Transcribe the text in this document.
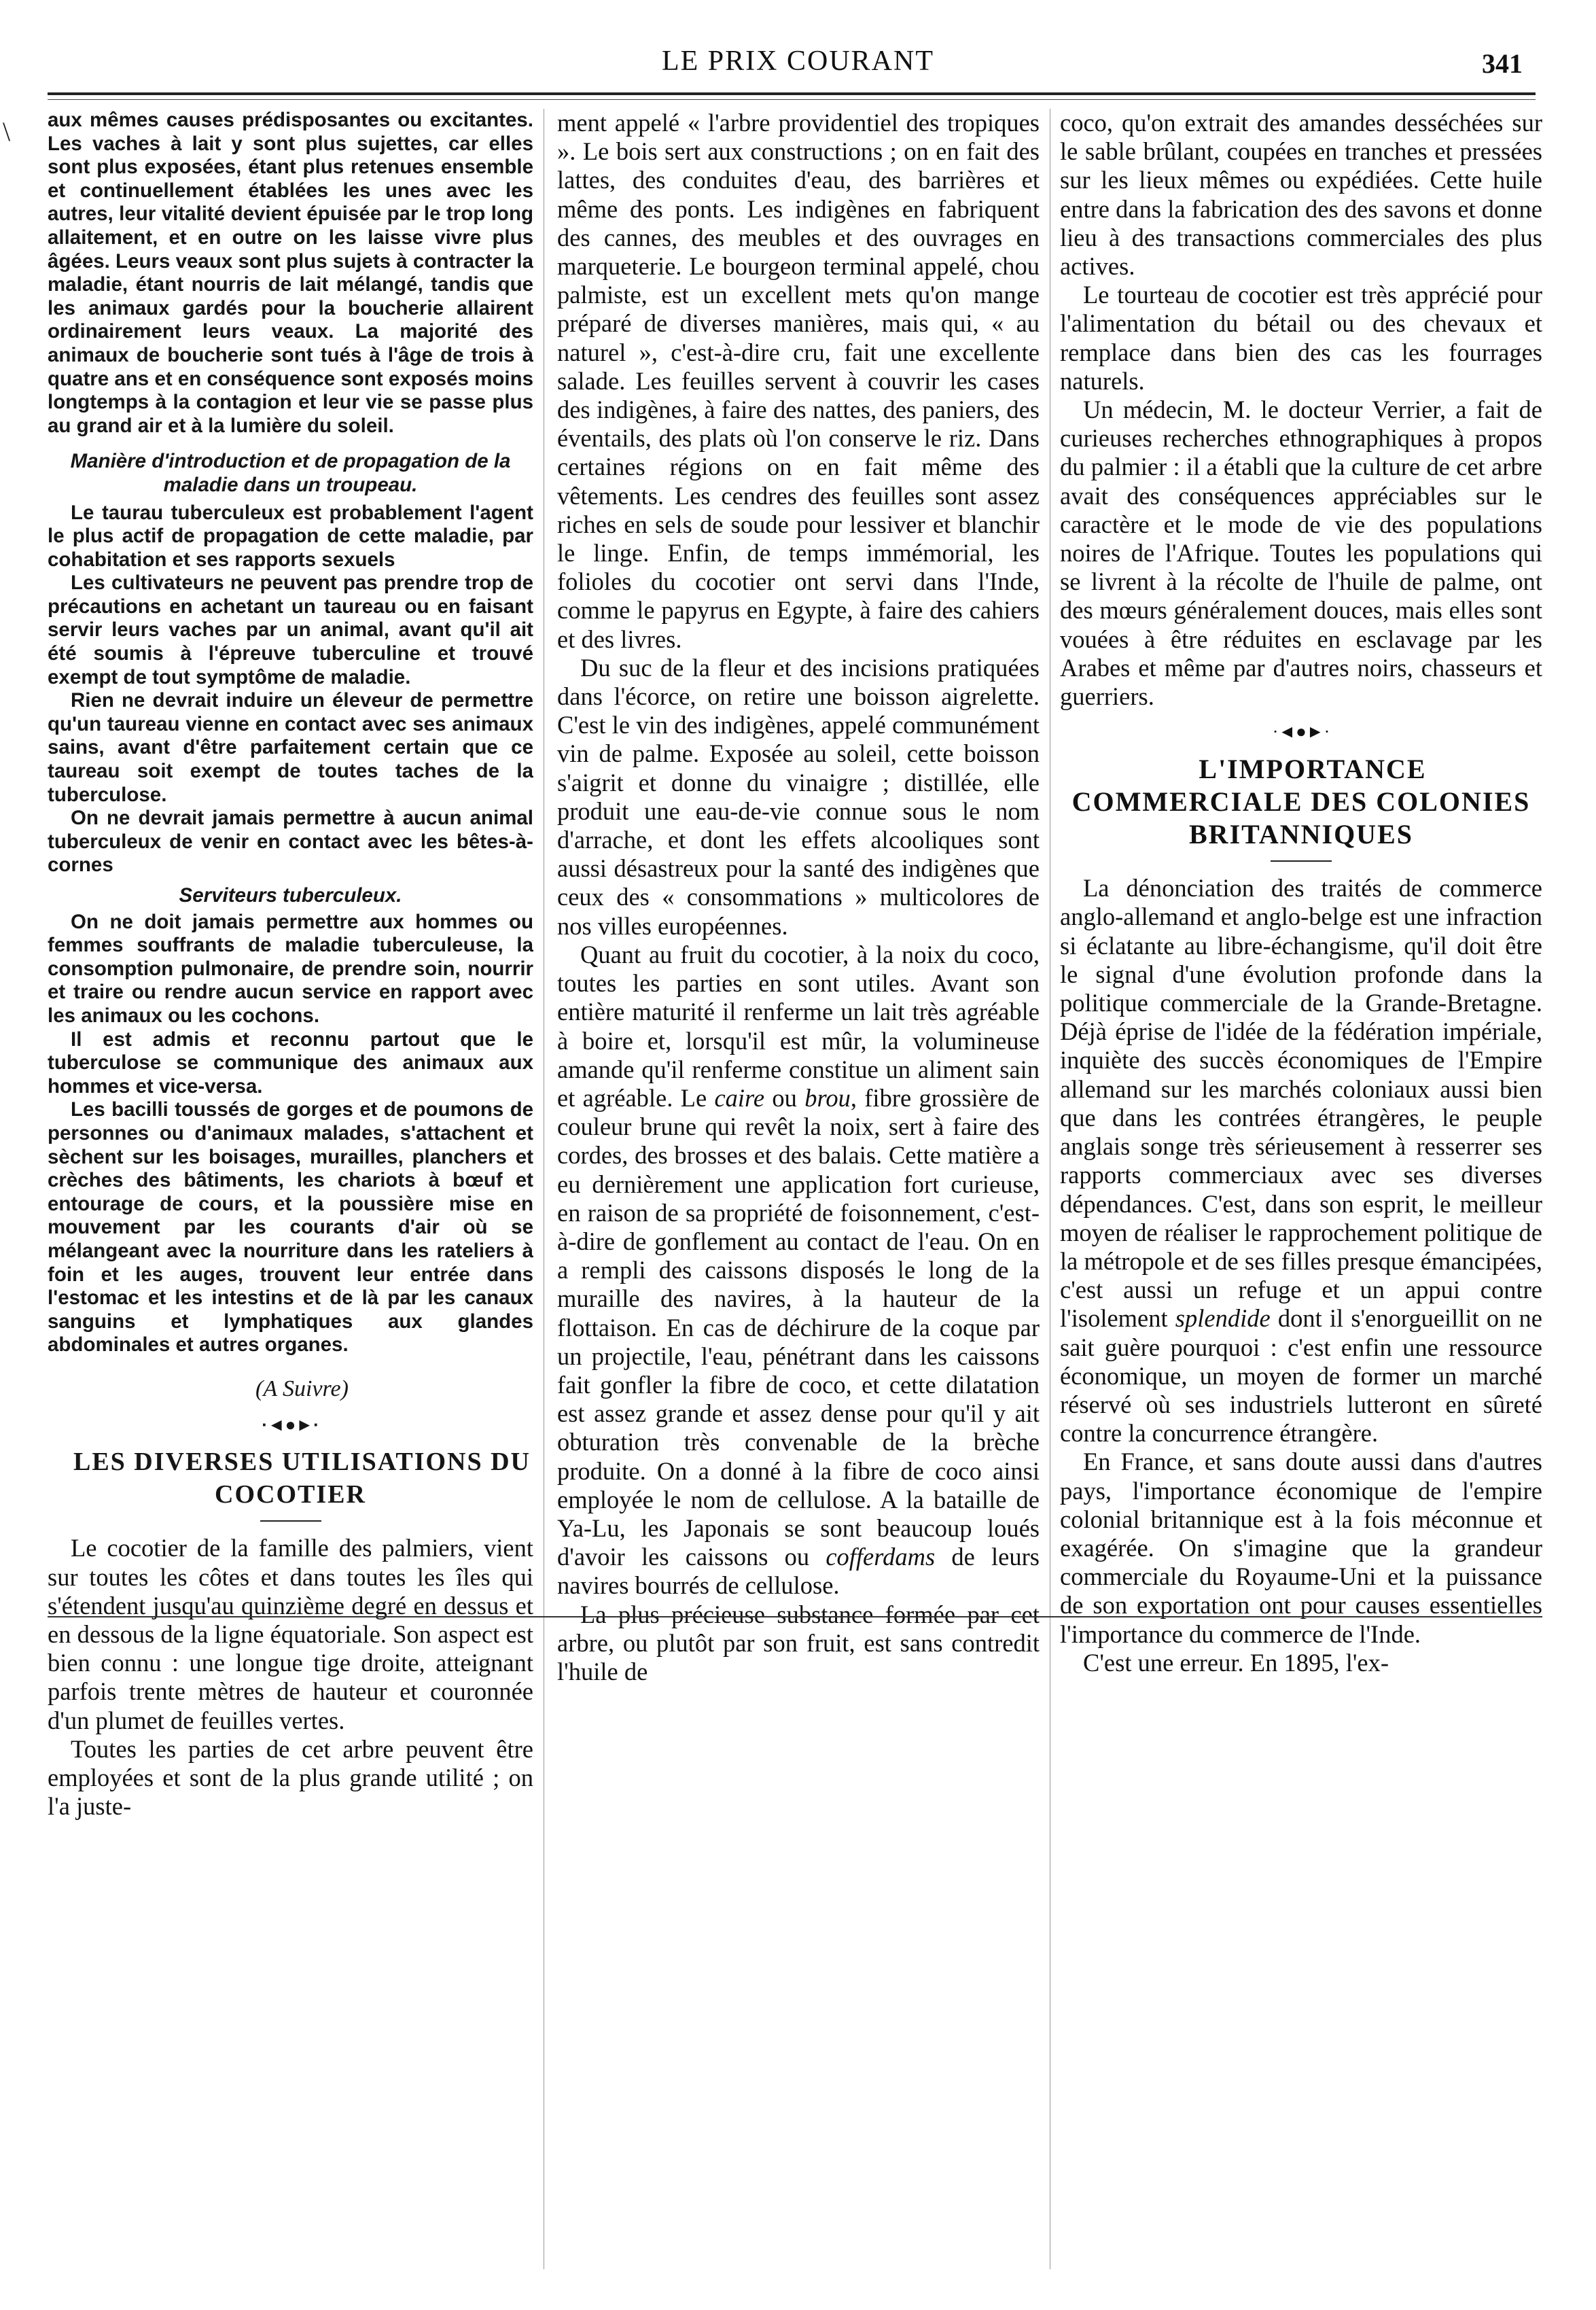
LE PRIX COURANT	341

aux mêmes causes prédisposantes ou excitantes. Les vaches à lait y sont plus sujettes, car elles sont plus exposées, étant plus retenues ensemble et continuellement établées les unes avec les autres, leur vitalité devient épuisée par le trop long allaitement, et en outre on les laisse vivre plus âgées. Leurs veaux sont plus sujets à contracter la maladie, étant nourris de lait mélangé, tandis que les animaux gardés pour la boucherie allairent ordinairement leurs veaux. La majorité des animaux de boucherie sont tués à l'âge de trois à quatre ans et en conséquence sont exposés moins longtemps à la contagion et leur vie se passe plus au grand air et à la lumière du soleil.

Manière d'introduction et de propagation de la maladie dans un troupeau.

Le taurau tuberculeux est probablement l'agent le plus actif de propagation de cette maladie, par cohabitation et ses rapports sexuels

Les cultivateurs ne peuvent pas prendre trop de précautions en achetant un taureau ou en faisant servir leurs vaches par un animal, avant qu'il ait été soumis à l'épreuve tuberculine et trouvé exempt de tout symptôme de maladie.

Rien ne devrait induire un éleveur de permettre qu'un taureau vienne en contact avec ses animaux sains, avant d'être parfaitement certain que ce taureau soit exempt de toutes taches de la tuberculose.

On ne devrait jamais permettre à aucun animal tuberculeux de venir en contact avec les bêtes-à-cornes

Serviteurs tuberculeux.

On ne doit jamais permettre aux hommes ou femmes souffrants de maladie tuberculeuse, la consomption pulmonaire, de prendre soin, nourrir et traire ou rendre aucun service en rapport avec les animaux ou les cochons.

Il est admis et reconnu partout que le tuberculose se communique des animaux aux hommes et vice-versa.

Les bacilli toussés de gorges et de poumons de personnes ou d'animaux malades, s'attachent et sèchent sur les boisages, murailles, planchers et crèches des bâtiments, les chariots à bœuf et entourage de cours, et la poussière mise en mouvement par les courants d'air où se mélangeant avec la nourriture dans les rateliers à foin et les auges, trouvent leur entrée dans l'estomac et les intestins et de là par les canaux sanguins et lymphatiques aux glandes abdominales et autres organes.

(A Suivre)

·◄●►·

LES DIVERSES UTILISATIONS DU COCOTIER

Le cocotier de la famille des palmiers, vient sur toutes les côtes et dans toutes les îles qui s'étendent jusqu'au quinzième degré en dessus et en dessous de la ligne équatoriale. Son aspect est bien connu : une longue tige droite, atteignant parfois trente mètres de hauteur et couronnée d'un plumet de feuilles vertes.

Toutes les parties de cet arbre peuvent être employées et sont de la plus grande utilité ; on l'a juste-

ment appelé « l'arbre providentiel des tropiques ». Le bois sert aux constructions ; on en fait des lattes, des conduites d'eau, des barrières et même des ponts. Les indigènes en fabriquent des cannes, des meubles et des ouvrages en marqueterie. Le bourgeon terminal appelé, chou palmiste, est un excellent mets qu'on mange préparé de diverses manières, mais qui, « au naturel », c'est-à-dire cru, fait une excellente salade. Les feuilles servent à couvrir les cases des indigènes, à faire des nattes, des paniers, des éventails, des plats où l'on conserve le riz. Dans certaines régions on en fait même des vêtements. Les cendres des feuilles sont assez riches en sels de soude pour lessiver et blanchir le linge. Enfin, de temps immémorial, les folioles du cocotier ont servi dans l'Inde, comme le papyrus en Egypte, à faire des cahiers et des livres.

Du suc de la fleur et des incisions pratiquées dans l'écorce, on retire une boisson aigrelette. C'est le vin des indigènes, appelé communément vin de palme. Exposée au soleil, cette boisson s'aigrit et donne du vinaigre ; distillée, elle produit une eau-de-vie connue sous le nom d'arrache, et dont les effets alcooliques sont aussi désastreux pour la santé des indigènes que ceux des « consommations » multicolores de nos villes européennes.

Quant au fruit du cocotier, à la noix du coco, toutes les parties en sont utiles. Avant son entière maturité il renferme un lait très agréable à boire et, lorsqu'il est mûr, la volumineuse amande qu'il renferme constitue un aliment sain et agréable. Le caire ou brou, fibre grossière de couleur brune qui revêt la noix, sert à faire des cordes, des brosses et des balais. Cette matière a eu dernièrement une application fort curieuse, en raison de sa propriété de foisonnement, c'est-à-dire de gonflement au contact de l'eau. On en a rempli des caissons disposés le long de la muraille des navires, à la hauteur de la flottaison. En cas de déchirure de la coque par un projectile, l'eau, pénétrant dans les caissons fait gonfler la fibre de coco, et cette dilatation est assez grande et assez dense pour qu'il y ait obturation très convenable de la brèche produite. On a donné à la fibre de coco ainsi employée le nom de cellulose. A la bataille de Ya-Lu, les Japonais se sont beaucoup loués d'avoir les caissons ou cofferdams de leurs navires bourrés de cellulose.

La plus précieuse substance formée par cet arbre, ou plutôt par son fruit, est sans contredit l'huile de

coco, qu'on extrait des amandes desséchées sur le sable brûlant, coupées en tranches et pressées sur les lieux mêmes ou expédiées. Cette huile entre dans la fabrication des des savons et donne lieu à des transactions commerciales des plus actives.

Le tourteau de cocotier est très apprécié pour l'alimentation du bétail ou des chevaux et remplace dans bien des cas les fourrages naturels.

Un médecin, M. le docteur Verrier, a fait de curieuses recherches ethnographiques à propos du palmier : il a établi que la culture de cet arbre avait des conséquences appréciables sur le caractère et le mode de vie des populations noires de l'Afrique. Toutes les populations qui se livrent à la récolte de l'huile de palme, ont des mœurs généralement douces, mais elles sont vouées à être réduites en esclavage par les Arabes et même par d'autres noirs, chasseurs et guerriers.

·◄●►·

L'IMPORTANCE COMMERCIALE DES COLONIES BRITANNIQUES

La dénonciation des traités de commerce anglo-allemand et anglo-belge est une infraction si éclatante au libre-échangisme, qu'il doit être le signal d'une évolution profonde dans la politique commerciale de la Grande-Bretagne. Déjà éprise de l'idée de la fédération impériale, inquiète des succès économiques de l'Empire allemand sur les marchés coloniaux aussi bien que dans les contrées étrangères, le peuple anglais songe très sérieusement à resserrer ses rapports commerciaux avec ses diverses dépendances. C'est, dans son esprit, le meilleur moyen de réaliser le rapprochement politique de la métropole et de ses filles presque émancipées, c'est aussi un refuge et un appui contre l'isolement splendide dont il s'enorgueillit on ne sait guère pourquoi : c'est enfin une ressource économique, un moyen de former un marché réservé où ses industriels lutteront en sûreté contre la concurrence étrangère.

En France, et sans doute aussi dans d'autres pays, l'importance économique de l'empire colonial britannique est à la fois méconnue et exagérée. On s'imagine que la grandeur commerciale du Royaume-Uni et la puissance de son exportation ont pour causes essentielles l'importance du commerce de l'Inde.

C'est une erreur. En 1895, l'ex-

\
